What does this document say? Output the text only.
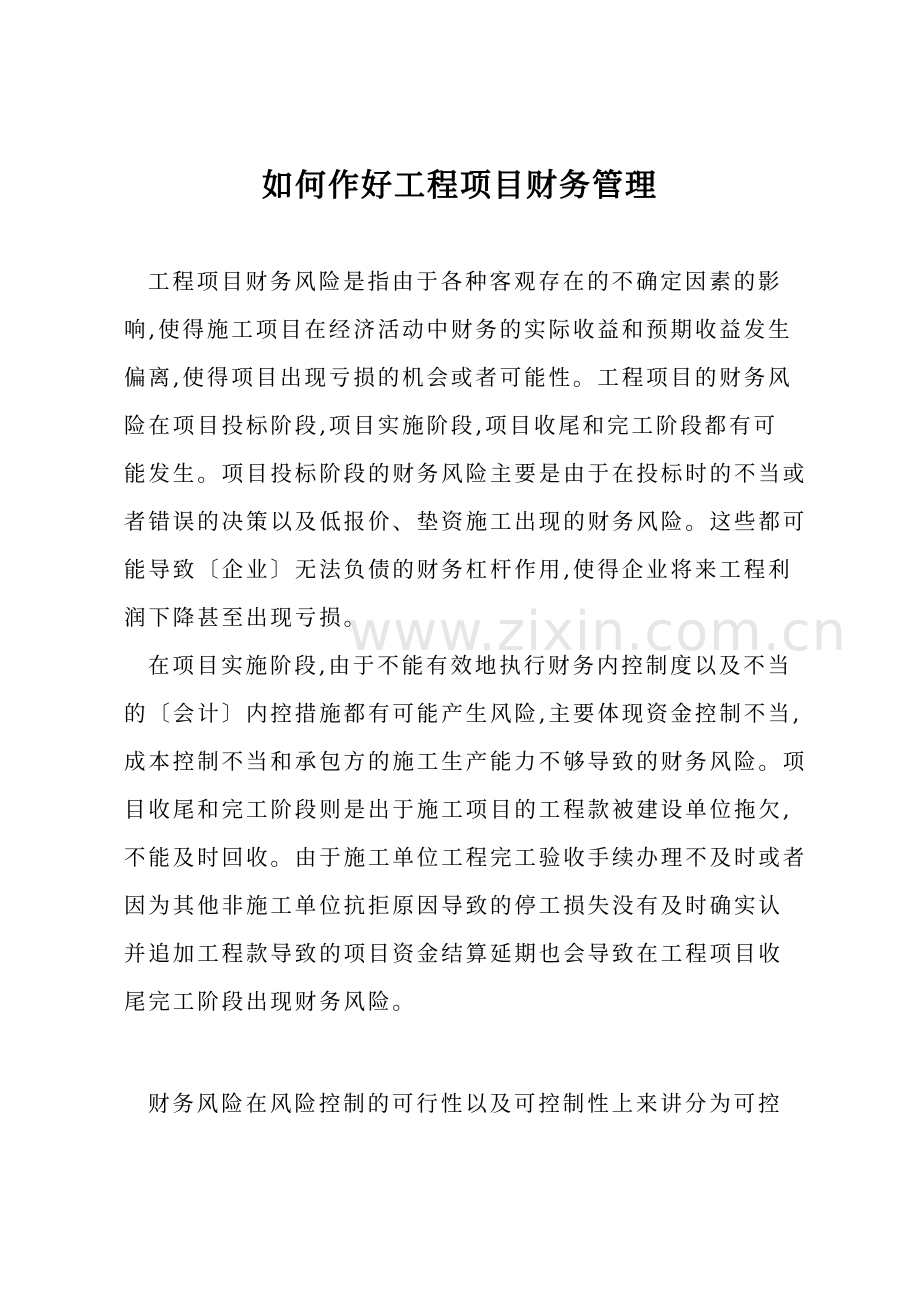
www.zixin.com.cn
如何作好工程项目财务管理
工程项目财务风险是指由于各种客观存在的不确定因素的影
响,使得施工项目在经济活动中财务的实际收益和预期收益发生
偏离,使得项目出现亏损的机会或者可能性。工程项目的财务风
险在项目投标阶段,项目实施阶段,项目收尾和完工阶段都有可
能发生。项目投标阶段的财务风险主要是由于在投标时的不当或
者错误的决策以及低报价、垫资施工出现的财务风险。这些都可
能导致〔企业〕无法负债的财务杠杆作用,使得企业将来工程利
润下降甚至出现亏损。
在项目实施阶段,由于不能有效地执行财务内控制度以及不当
的〔会计〕内控措施都有可能产生风险,主要体现资金控制不当,
成本控制不当和承包方的施工生产能力不够导致的财务风险。项
目收尾和完工阶段则是出于施工项目的工程款被建设单位拖欠,
不能及时回收。由于施工单位工程完工验收手续办理不及时或者
因为其他非施工单位抗拒原因导致的停工损失没有及时确实认
并追加工程款导致的项目资金结算延期也会导致在工程项目收
尾完工阶段出现财务风险。
财务风险在风险控制的可行性以及可控制性上来讲分为可控
